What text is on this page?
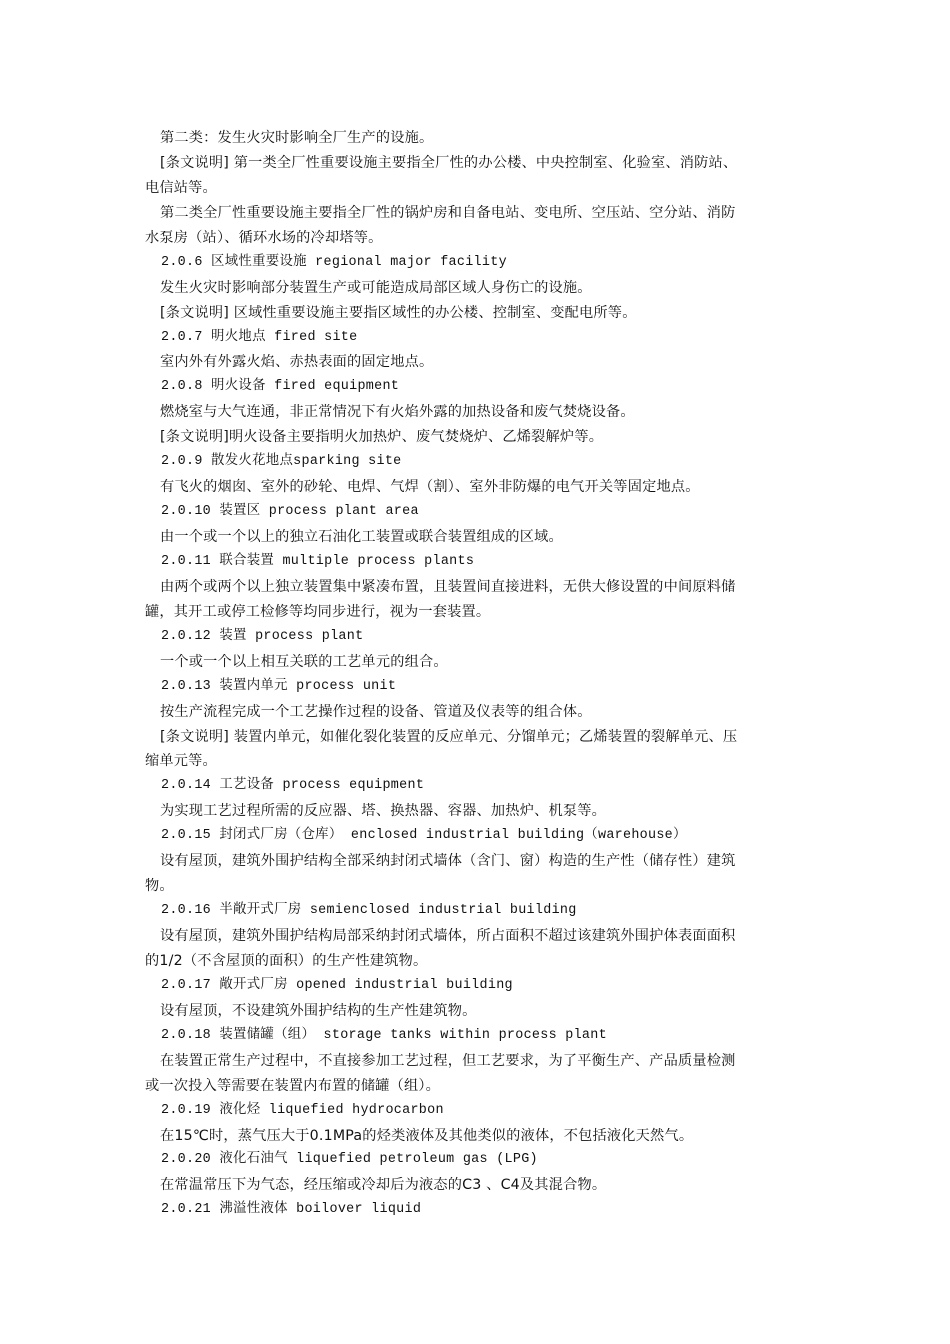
第二类：发生火灾时影响全厂生产的设施。
[条文说明] 第一类全厂性重要设施主要指全厂性的办公楼、中央控制室、化验室、消防站、
电信站等。
第二类全厂性重要设施主要指全厂性的锅炉房和自备电站、变电所、空压站、空分站、消防
水泵房（站）、循环水场的冷却塔等。
2.0.6 区域性重要设施 regional major facility
发生火灾时影响部分装置生产或可能造成局部区域人身伤亡的设施。
[条文说明] 区域性重要设施主要指区域性的办公楼、控制室、变配电所等。
2.0.7 明火地点 fired site
室内外有外露火焰、赤热表面的固定地点。
2.0.8 明火设备 fired equipment
燃烧室与大气连通，非正常情况下有火焰外露的加热设备和废气焚烧设备。
[条文说明]明火设备主要指明火加热炉、废气焚烧炉、乙烯裂解炉等。
2.0.9 散发火花地点sparking site
有飞火的烟囱、室外的砂轮、电焊、气焊（割）、室外非防爆的电气开关等固定地点。
2.0.10 装置区 process plant area
由一个或一个以上的独立石油化工装置或联合装置组成的区域。
2.0.11 联合装置 multiple process plants
由两个或两个以上独立装置集中紧凑布置，且装置间直接进料，无供大修设置的中间原料储
罐，其开工或停工检修等均同步进行，视为一套装置。
2.0.12 装置 process plant
一个或一个以上相互关联的工艺单元的组合。
2.0.13 装置内单元 process unit
按生产流程完成一个工艺操作过程的设备、管道及仪表等的组合体。
[条文说明] 装置内单元，如催化裂化装置的反应单元、分馏单元；乙烯装置的裂解单元、压
缩单元等。
2.0.14 工艺设备 process equipment
为实现工艺过程所需的反应器、塔、换热器、容器、加热炉、机泵等。
2.0.15 封闭式厂房（仓库） enclosed industrial building（warehouse）
设有屋顶，建筑外围护结构全部采纳封闭式墙体（含门、窗）构造的生产性（储存性）建筑
物。
2.0.16 半敞开式厂房 semienclosed industrial building
设有屋顶，建筑外围护结构局部采纳封闭式墙体，所占面积不超过该建筑外围护体表面面积
的1/2（不含屋顶的面积）的生产性建筑物。
2.0.17 敞开式厂房 opened industrial building
设有屋顶，不设建筑外围护结构的生产性建筑物。
2.0.18 装置储罐（组） storage tanks within process plant
在装置正常生产过程中，不直接参加工艺过程，但工艺要求，为了平衡生产、产品质量检测
或一次投入等需要在装置内布置的储罐（组）。
2.0.19 液化烃 liquefied hydrocarbon
在15℃时，蒸气压大于0.1MPa的烃类液体及其他类似的液体，不包括液化天然气。
2.0.20 液化石油气 liquefied petroleum gas (LPG)
在常温常压下为气态，经压缩或冷却后为液态的C3 、C4及其混合物。
2.0.21 沸溢性液体 boilover liquid
